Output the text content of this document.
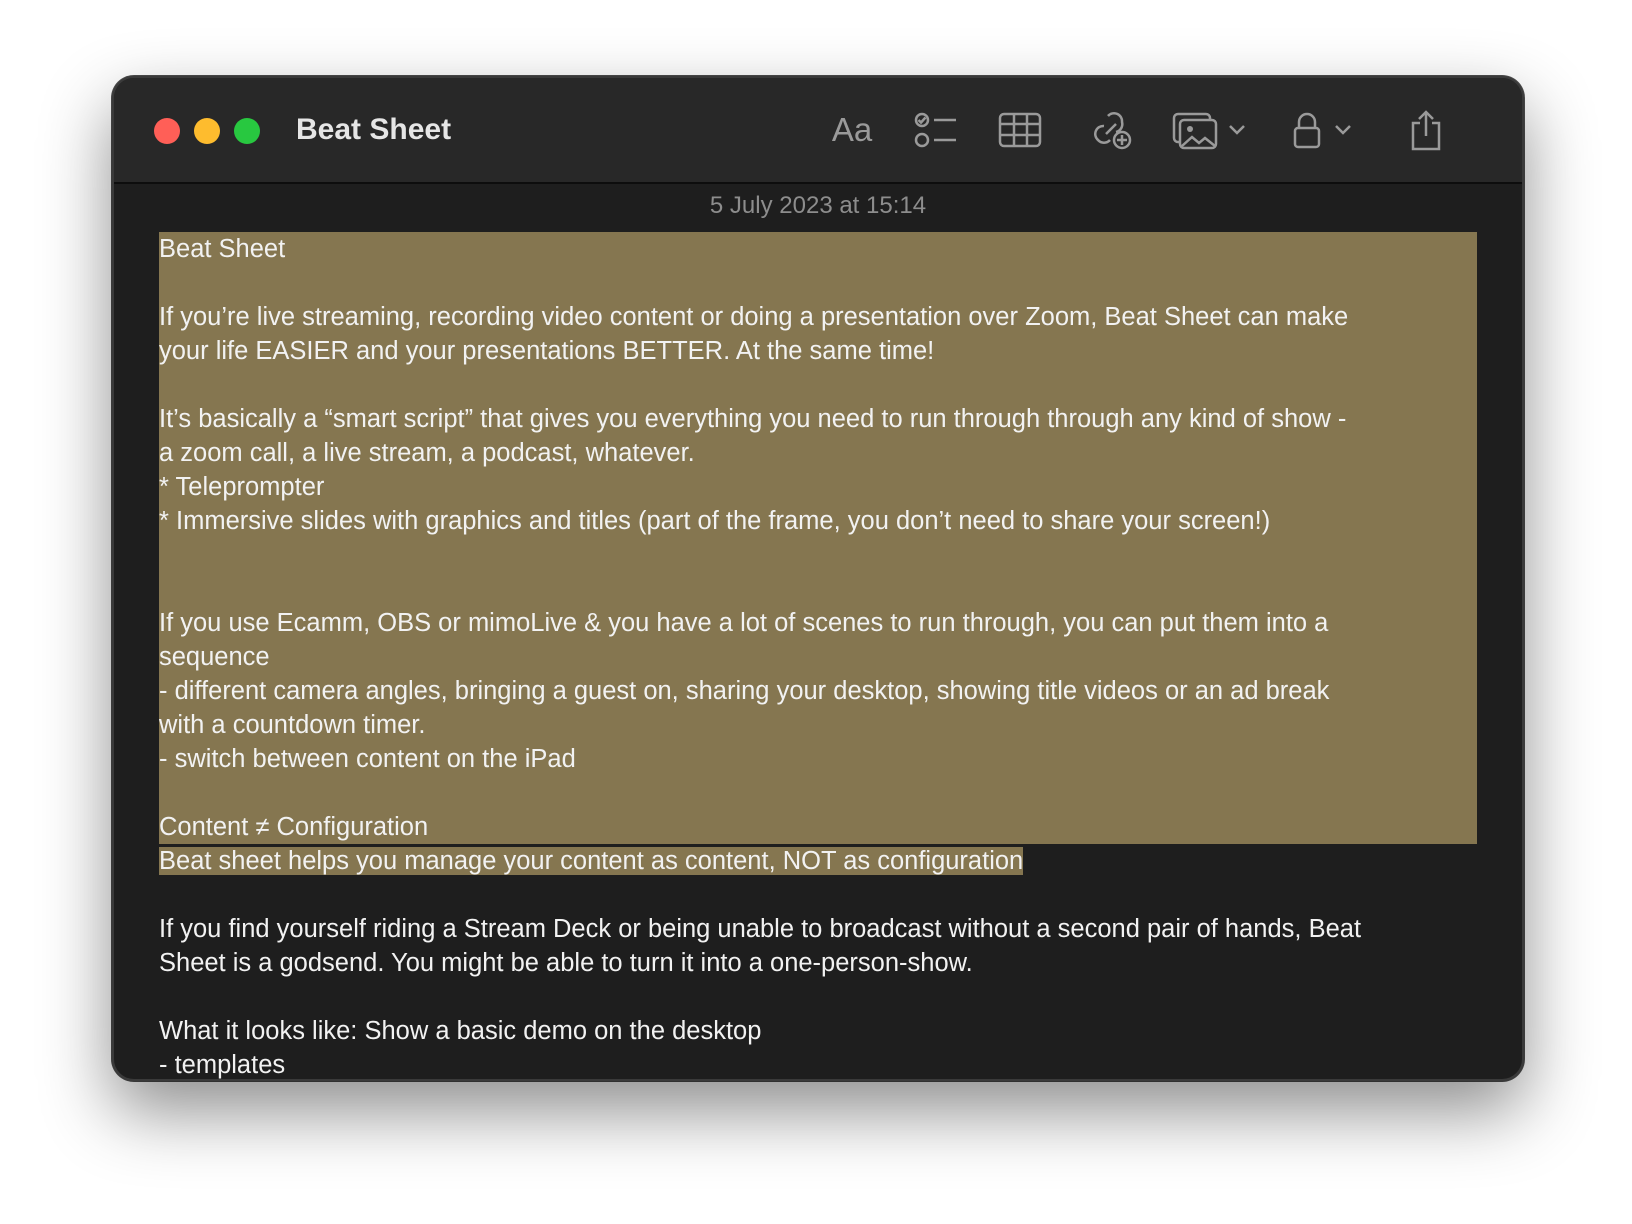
Beat Sheet	Aa
5 July 2023 at 15:14
Beat Sheet
If you’re live streaming, recording video content or doing a presentation over Zoom, Beat Sheet can make
your life EASIER and your presentations BETTER. At the same time!
It’s basically a “smart script” that gives you everything you need to run through through any kind of show -
a zoom call, a live stream, a podcast, whatever.
* Teleprompter
* Immersive slides with graphics and titles (part of the frame, you don’t need to share your screen!)
If you use Ecamm, OBS or mimoLive & you have a lot of scenes to run through, you can put them into a
sequence
- different camera angles, bringing a guest on, sharing your desktop, showing title videos or an ad break
with a countdown timer.
- switch between content on the iPad
Content ≠ Configuration
Beat sheet helps you manage your content as content, NOT as configuration
If you find yourself riding a Stream Deck or being unable to broadcast without a second pair of hands, Beat
Sheet is a godsend. You might be able to turn it into a one-person-show.
What it looks like: Show a basic demo on the desktop
- templates
